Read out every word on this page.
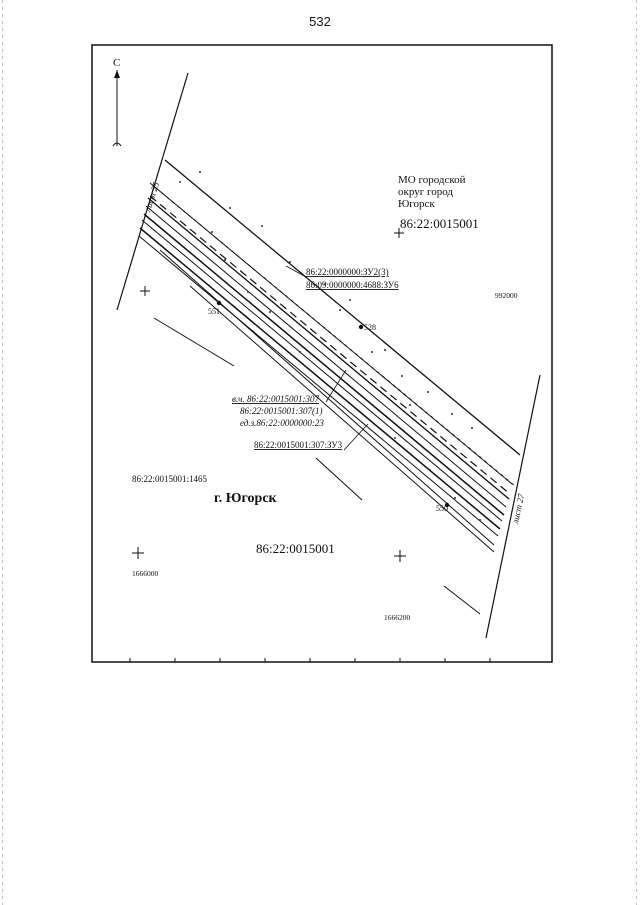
532
С
лист 25
лист 27
551
528
550
МО городской
округ город
Югорск
86:22:0015001
992000
86:22:0000000:ЗУ2(3)
86:09:0000000:4688:ЗУ6
в.ч. 86:22:0015001:307
86:22:0015001:307(1)
ед.з.86:22:0000000:23
86:22:0015001:307:ЗУ3
86:22:0015001:1465
г. Югорск
86:22:0015001
1666000
1666200
